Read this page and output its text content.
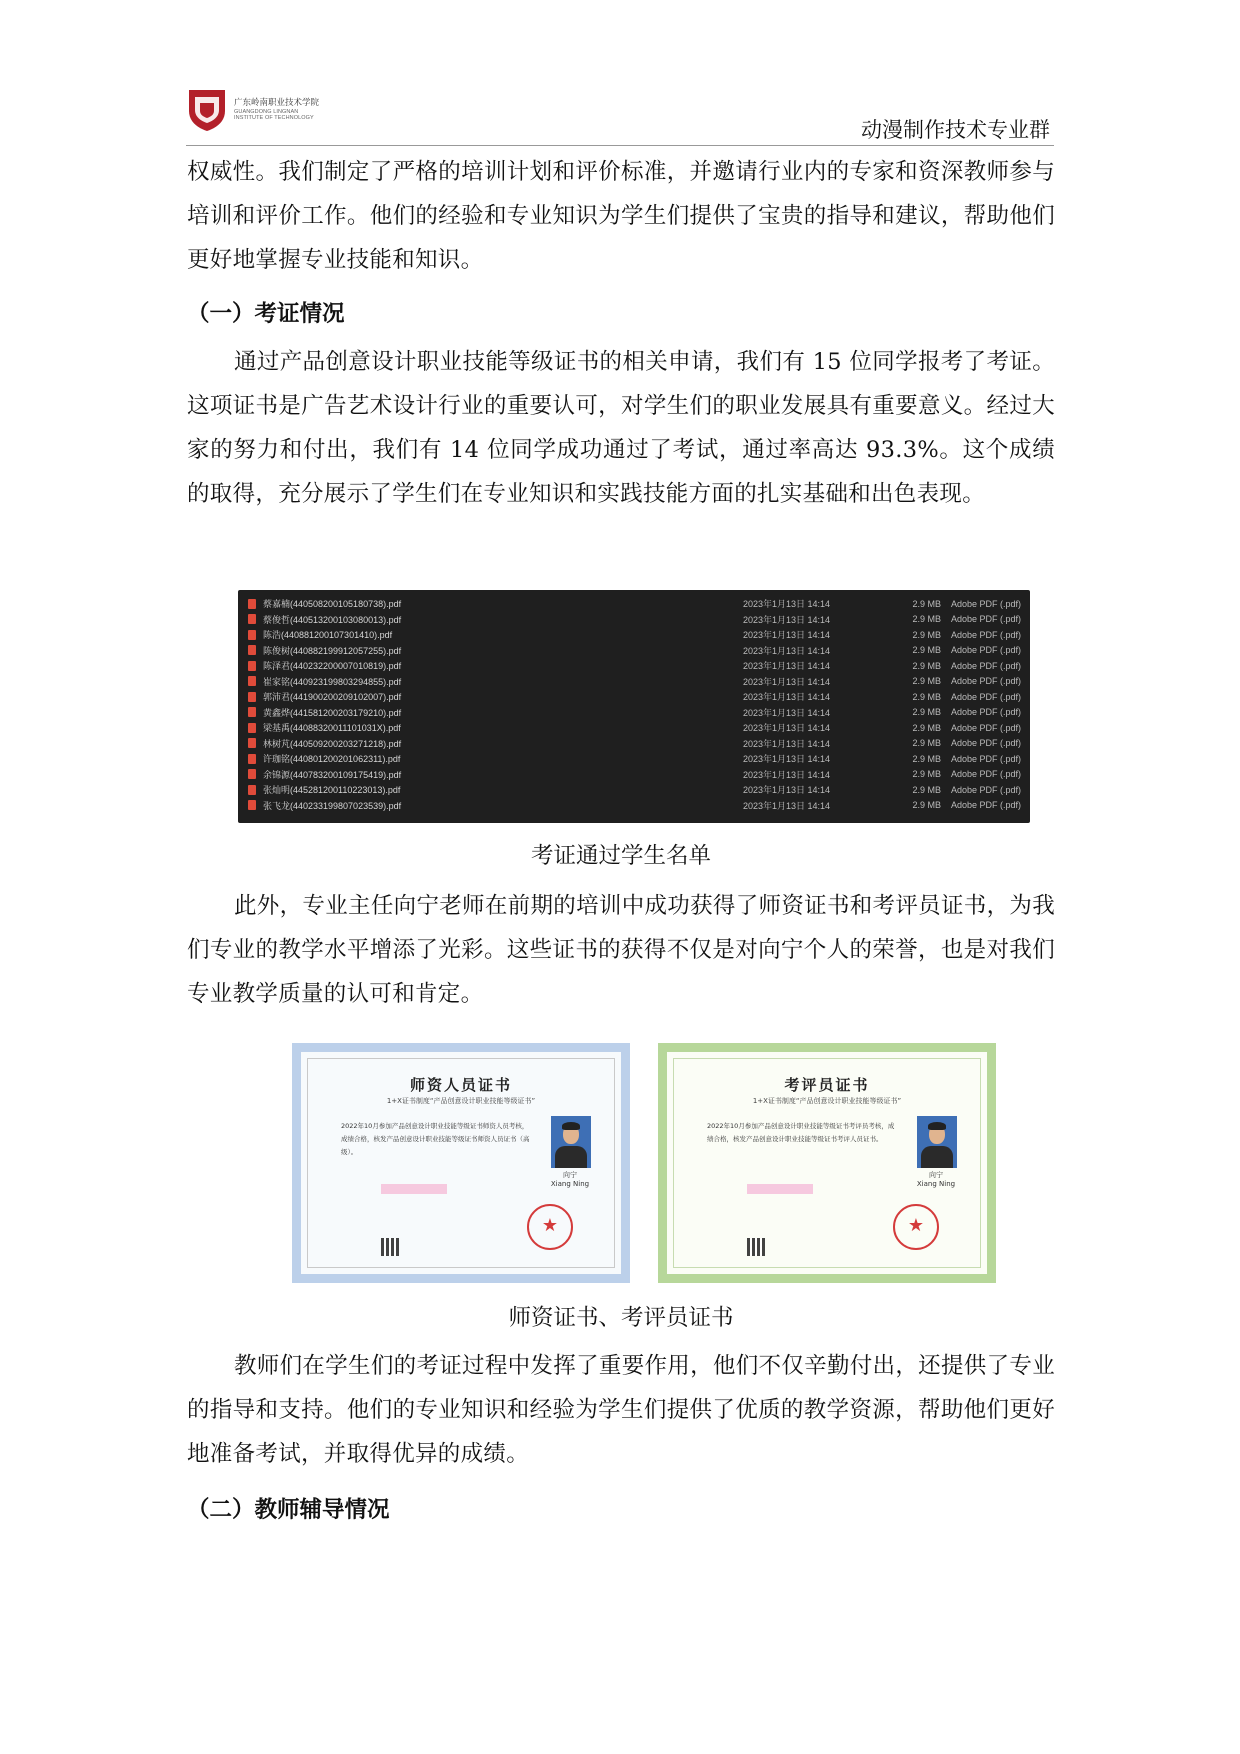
广东岭南职业技术学院
GUANGDONG LINGNAN
INSTITUTE OF TECHNOLOGY
动漫制作技术专业群

权威性。我们制定了严格的培训计划和评价标准，并邀请行业内的专家和资深教师参与培训和评价工作。他们的经验和专业知识为学生们提供了宝贵的指导和建议，帮助他们更好地掌握专业技能和知识。

（一）考证情况

通过产品创意设计职业技能等级证书的相关申请，我们有 15 位同学报考了考证。这项证书是广告艺术设计行业的重要认可，对学生们的职业发展具有重要意义。经过大家的努力和付出，我们有 14 位同学成功通过了考试，通过率高达 93.3%。这个成绩的取得，充分展示了学生们在专业知识和实践技能方面的扎实基础和出色表现。

蔡嘉楠(440508200105180738).pdf	2023年1月13日 14:14	2.9 MB Adobe PDF (.pdf)
蔡俊哲(440513200103080013).pdf	2023年1月13日 14:14	2.9 MB Adobe PDF (.pdf)
陈浩(440881200107301410).pdf	2023年1月13日 14:14	2.9 MB Adobe PDF (.pdf)
陈俊树(440882199912057255).pdf	2023年1月13日 14:14	2.9 MB Adobe PDF (.pdf)
陈泽君(440232200007010819).pdf	2023年1月13日 14:14	2.9 MB Adobe PDF (.pdf)
崔家铭(440923199803294855).pdf	2023年1月13日 14:14	2.9 MB Adobe PDF (.pdf)
郭沛君(441900200209102007).pdf	2023年1月13日 14:14	2.9 MB Adobe PDF (.pdf)
黄鑫烨(441581200203179210).pdf	2023年1月13日 14:14	2.9 MB Adobe PDF (.pdf)
梁基禹(44088320011101031X).pdf	2023年1月13日 14:14	2.9 MB Adobe PDF (.pdf)
林树芃(440509200203271218).pdf	2023年1月13日 14:14	2.9 MB Adobe PDF (.pdf)
许珈铭(440801200201062311).pdf	2023年1月13日 14:14	2.9 MB Adobe PDF (.pdf)
余锦源(440783200109175419).pdf	2023年1月13日 14:14	2.9 MB Adobe PDF (.pdf)
张灿明(445281200110223013).pdf	2023年1月13日 14:14	2.9 MB Adobe PDF (.pdf)
张飞龙(440233199807023539).pdf	2023年1月13日 14:14	2.9 MB Adobe PDF (.pdf)
考证通过学生名单

此外，专业主任向宁老师在前期的培训中成功获得了师资证书和考评员证书，为我们专业的教学水平增添了光彩。这些证书的获得不仅是对向宁个人的荣誉，也是对我们专业教学质量的认可和肯定。

师资人员证书
1+X证书制度“产品创意设计职业技能等级证书”
2022年10月参加产品创意设计职业技能等级证书师资人员考核，成绩合格，核发产品创意设计职业技能等级证书师资人员证书（高级）。
向宁
Xiang Ning
★
考评员证书
1+X证书制度“产品创意设计职业技能等级证书”
2022年10月参加产品创意设计职业技能等级证书考评员考核，成绩合格，核发产品创意设计职业技能等级证书考评人员证书。
向宁
Xiang Ning
★
师资证书、考评员证书

教师们在学生们的考证过程中发挥了重要作用，他们不仅辛勤付出，还提供了专业的指导和支持。他们的专业知识和经验为学生们提供了优质的教学资源，帮助他们更好地准备考试，并取得优异的成绩。

（二）教师辅导情况
